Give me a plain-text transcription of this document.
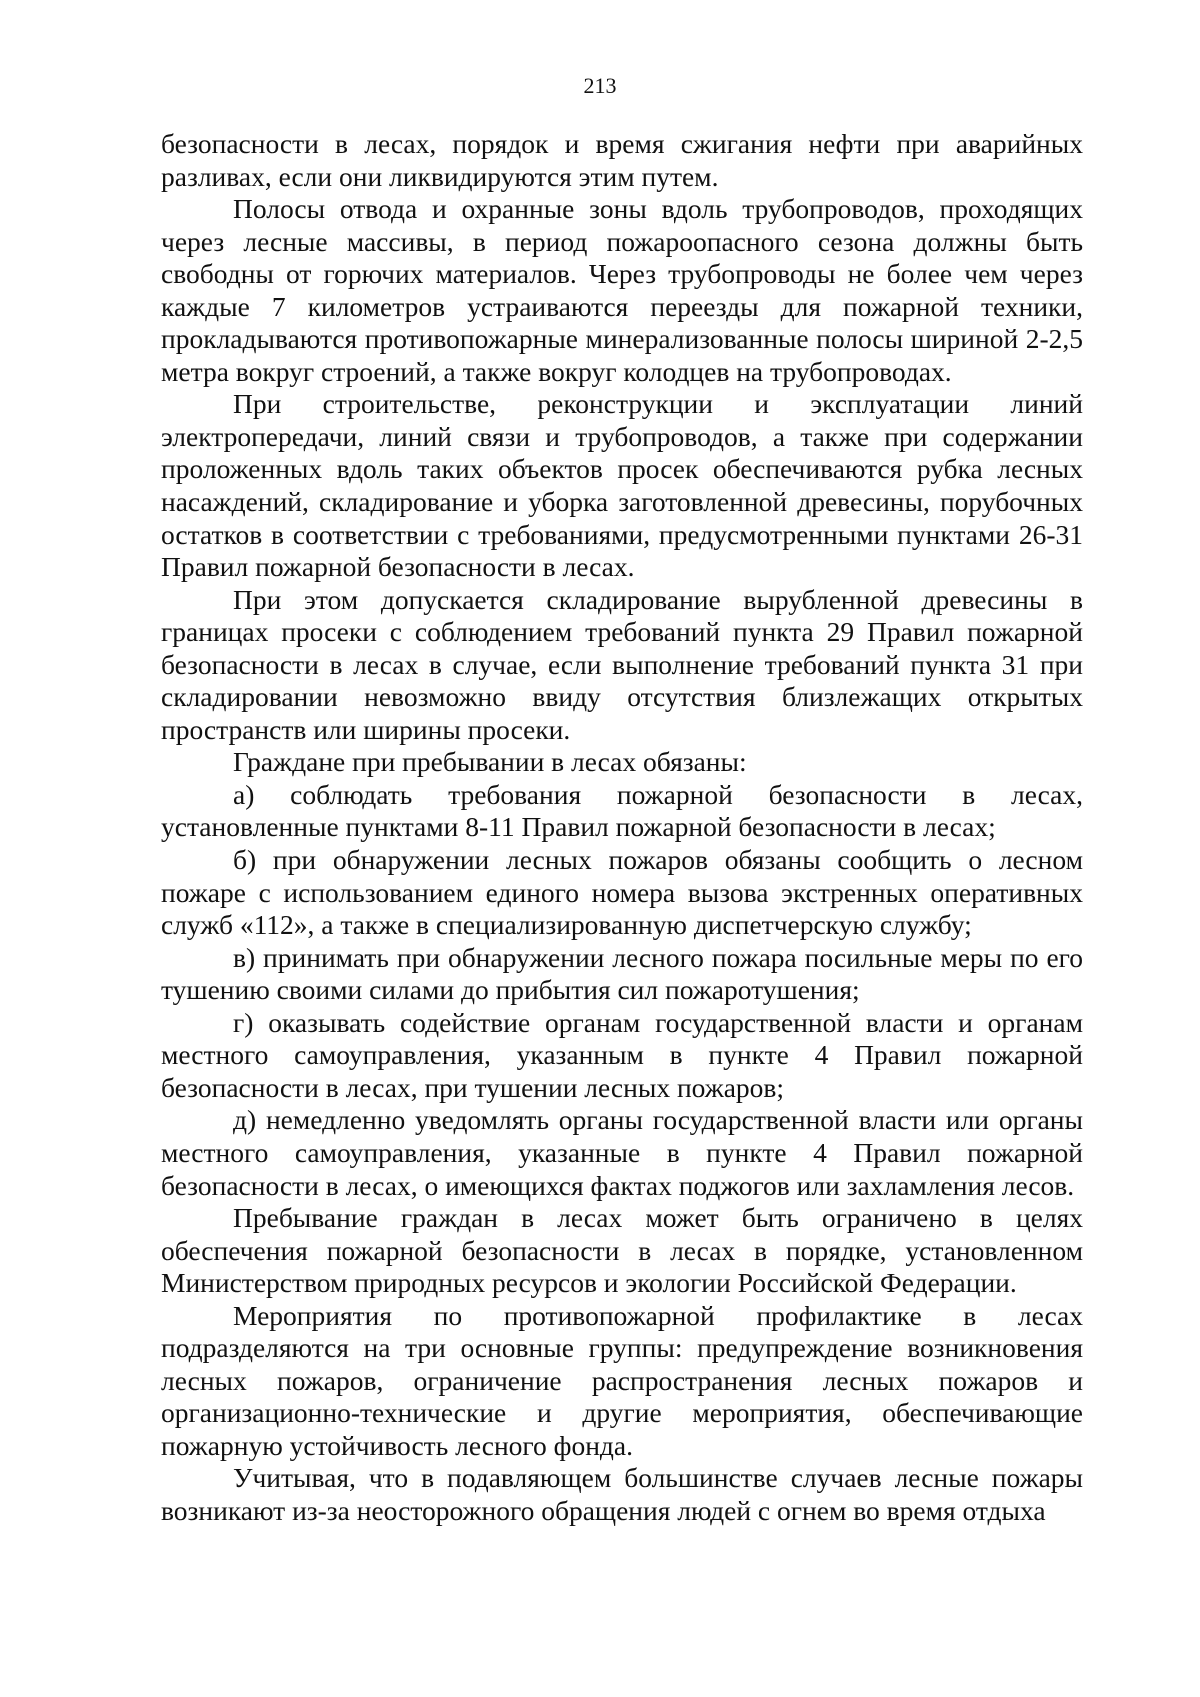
213

безопасности в лесах, порядок и время сжигания нефти при аварийных разливах, если они ликвидируются этим путем.

Полосы отвода и охранные зоны вдоль трубопроводов, проходящих через лесные массивы, в период пожароопасного сезона должны быть свободны от горючих материалов. Через трубопроводы не более чем через каждые 7 километров устраиваются переезды для пожарной техники, прокладываются противопожарные минерализованные полосы шириной 2-2,5 метра вокруг строений, а также вокруг колодцев на трубопроводах.

При строительстве, реконструкции и эксплуатации линий электропередачи, линий связи и трубопроводов, а также при содержании проложенных вдоль таких объектов просек обеспечиваются рубка лесных насаждений, складирование и уборка заготовленной древесины, порубочных остатков в соответствии с требованиями, предусмотренными пунктами 26-31 Правил пожарной безопасности в лесах.

При этом допускается складирование вырубленной древесины в границах просеки с соблюдением требований пункта 29 Правил пожарной безопасности в лесах в случае, если выполнение требований пункта 31 при складировании невозможно ввиду отсутствия близлежащих открытых пространств или ширины просеки.

Граждане при пребывании в лесах обязаны:

а) соблюдать требования пожарной безопасности в лесах, установленные пунктами 8-11 Правил пожарной безопасности в лесах;

б) при обнаружении лесных пожаров обязаны сообщить о лесном пожаре с использованием единого номера вызова экстренных оперативных служб «112», а также в специализированную диспетчерскую службу;

в) принимать при обнаружении лесного пожара посильные меры по его тушению своими силами до прибытия сил пожаротушения;

г) оказывать содействие органам государственной власти и органам местного самоуправления, указанным в пункте 4 Правил пожарной безопасности в лесах, при тушении лесных пожаров;

д) немедленно уведомлять органы государственной власти или органы местного самоуправления, указанные в пункте 4 Правил пожарной безопасности в лесах, о имеющихся фактах поджогов или захламления лесов.

Пребывание граждан в лесах может быть ограничено в целях обеспечения пожарной безопасности в лесах в порядке, установленном Министерством природных ресурсов и экологии Российской Федерации.

Мероприятия по противопожарной профилактике в лесах подразделяются на три основные группы: предупреждение возникновения лесных пожаров, ограничение распространения лесных пожаров и организационно-технические и другие мероприятия, обеспечивающие пожарную устойчивость лесного фонда.

Учитывая, что в подавляющем большинстве случаев лесные пожары возникают из-за неосторожного обращения людей с огнем во время отдыха
